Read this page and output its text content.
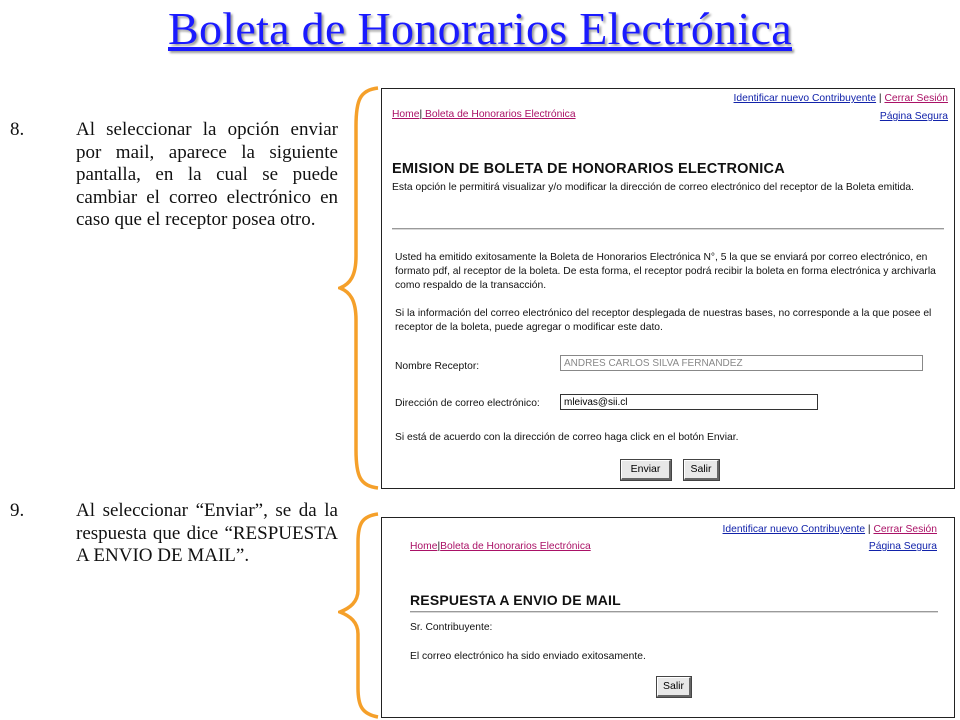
Boleta de Honorarios Electrónica
8.	Al seleccionar la opción enviar por mail, aparece la siguiente pantalla, en la cual se puede cambiar el correo electrónico en caso que el receptor posea otro.
9.	Al seleccionar “Enviar”, se da la respuesta que dice “RESPUESTA A ENVIO DE MAIL”.
Identificar nuevo Contribuyente | Cerrar Sesión
Home| Boleta de Honorarios Electrónica	Página Segura
EMISION DE BOLETA DE HONORARIOS ELECTRONICA
Esta opción le permitirá visualizar y/o modificar la dirección de correo electrónico del receptor de la Boleta emitida.
Usted ha emitido exitosamente la Boleta de Honorarios Electrónica N°, 5 la que se enviará por correo electrónico, en formato pdf, al receptor de la boleta. De esta forma, el receptor podrá recibir la boleta en forma electrónica y archivarla como respaldo de la transacción.
Si la información del correo electrónico del receptor desplegada de nuestras bases, no corresponde a la que posee el receptor de la boleta, puede agregar o modificar este dato.
Nombre Receptor:	ANDRES CARLOS SILVA FERNANDEZ
Dirección de correo electrónico:	mleivas@sii.cl
Si está de acuerdo con la dirección de correo haga click en el botón Enviar.
Enviar	Salir
Identificar nuevo Contribuyente | Cerrar Sesión
Home|Boleta de Honorarios Electrónica	Página Segura
RESPUESTA A ENVIO DE MAIL
Sr. Contribuyente:
El correo electrónico ha sido enviado exitosamente.
Salir
